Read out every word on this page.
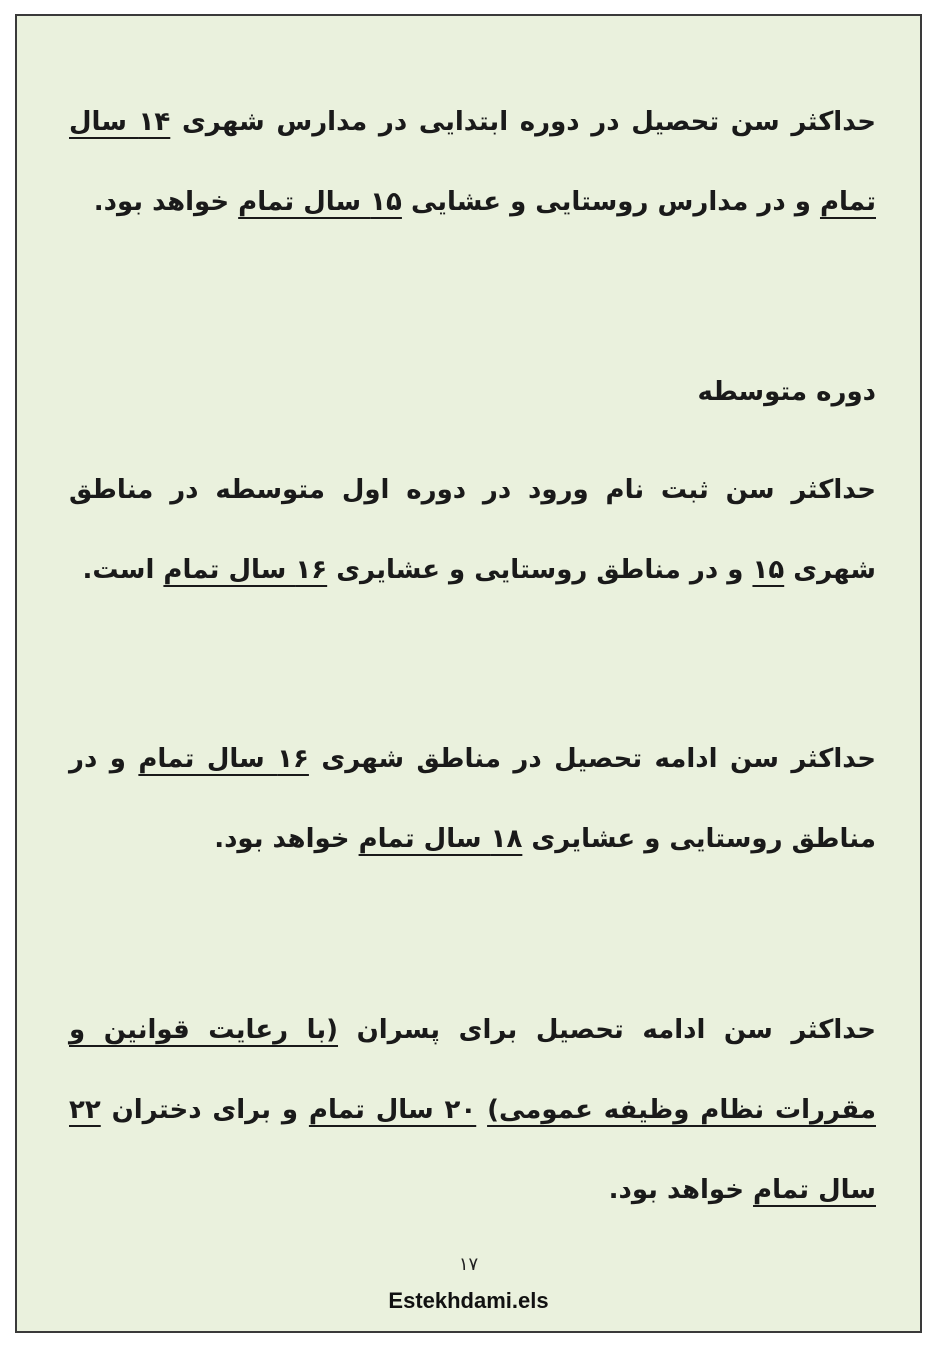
حداکثر سن تحصیل در دوره ابتدایی در مدارس شهری ۱۴ سال تمام و در مدارس روستایی و عشایی ۱۵ سال تمام خواهد بود.

دوره متوسطه

حداکثر سن ثبت نام ورود در دوره اول متوسطه در مناطق شهری ۱۵ و در مناطق روستایی و عشایری ۱۶ سال تمام است.

حداکثر سن ادامه تحصیل در مناطق شهری ۱۶ سال تمام و در مناطق روستایی و عشایری ۱۸ سال تمام خواهد بود.

حداکثر سن ادامه تحصیل برای پسران (با رعایت قوانین و مقررات نظام وظیفه عمومی) ۲۰ سال تمام و برای دختران ۲۲ سال تمام خواهد بود.

۱۷
Estekhdami.els
